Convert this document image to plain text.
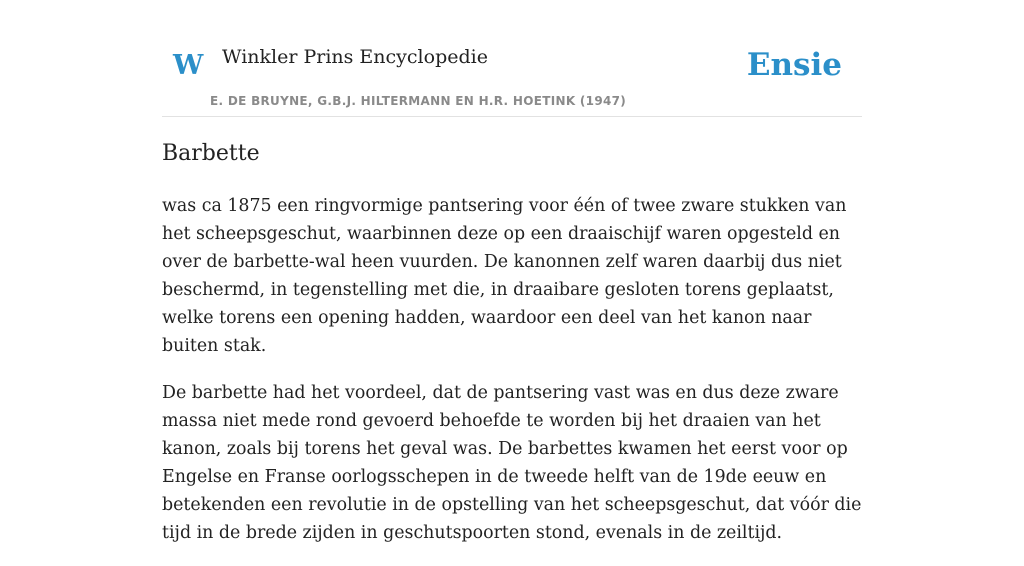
W Winkler Prins Encyclopedie
E. DE BRUYNE, G.B.J. HILTERMANN EN H.R. HOETINK (1947)
Ensie
Barbette

was ca 1875 een ringvormige pantsering voor één of twee zware stukken van het scheepsgeschut, waarbinnen deze op een draaischijf waren opgesteld en over de barbette-wal heen vuurden. De kanonnen zelf waren daarbij dus niet beschermd, in tegenstelling met die, in draaibare gesloten torens geplaatst, welke torens een opening hadden, waardoor een deel van het kanon naar buiten stak.

De barbette had het voordeel, dat de pantsering vast was en dus deze zware massa niet mede rond gevoerd behoefde te worden bij het draaien van het kanon, zoals bij torens het geval was. De barbettes kwamen het eerst voor op Engelse en Franse oorlogsschepen in de tweede helft van de 19de eeuw en betekenden een revolutie in de opstelling van het scheepsgeschut, dat vóór die tijd in de brede zijden in geschutspoorten stond, evenals in de zeiltijd.
